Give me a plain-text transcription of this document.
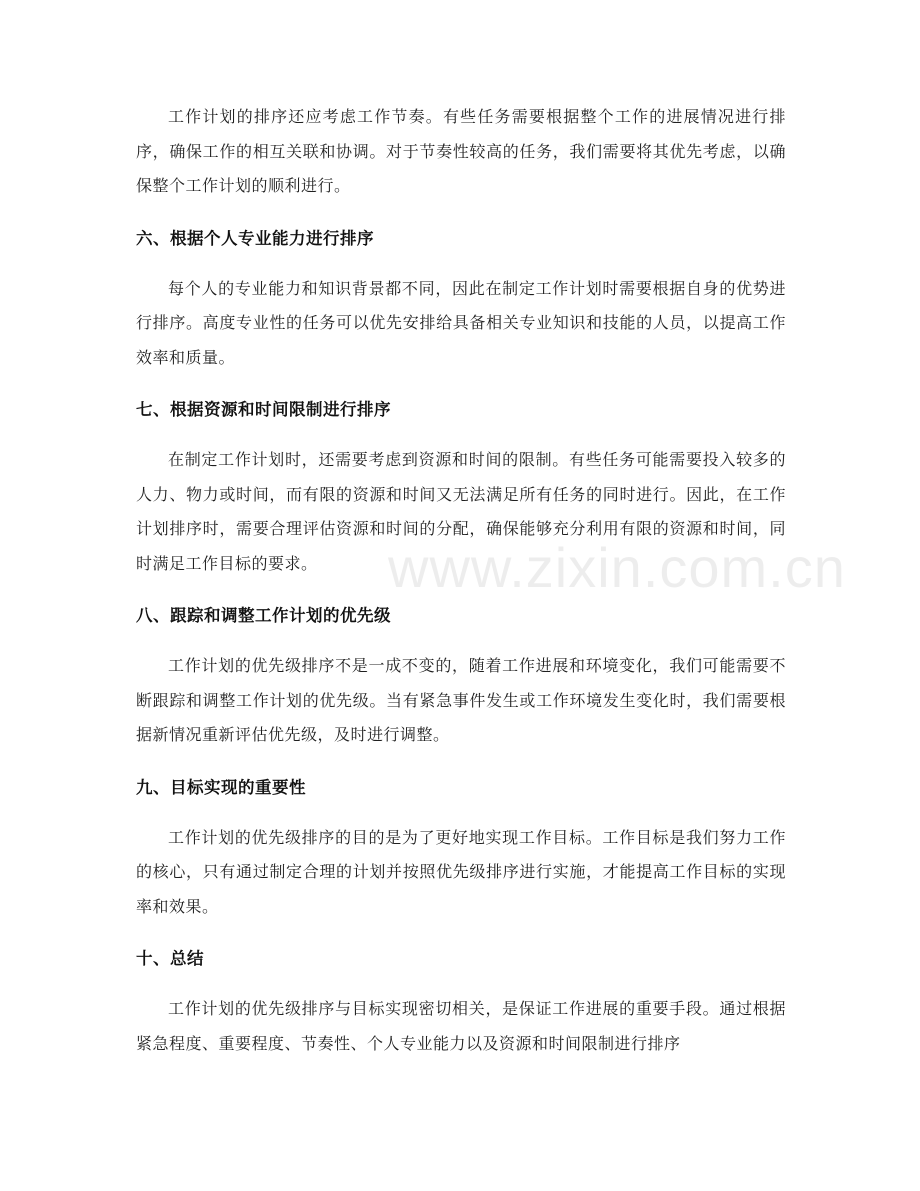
工作计划的排序还应考虑工作节奏。有些任务需要根据整个工作的进展情况进行排序，确保工作的相互关联和协调。对于节奏性较高的任务，我们需要将其优先考虑，以确保整个工作计划的顺利进行。

六、根据个人专业能力进行排序

每个人的专业能力和知识背景都不同，因此在制定工作计划时需要根据自身的优势进行排序。高度专业性的任务可以优先安排给具备相关专业知识和技能的人员，以提高工作效率和质量。

七、根据资源和时间限制进行排序

在制定工作计划时，还需要考虑到资源和时间的限制。有些任务可能需要投入较多的人力、物力或时间，而有限的资源和时间又无法满足所有任务的同时进行。因此，在工作计划排序时，需要合理评估资源和时间的分配，确保能够充分利用有限的资源和时间，同时满足工作目标的要求。

八、跟踪和调整工作计划的优先级

工作计划的优先级排序不是一成不变的，随着工作进展和环境变化，我们可能需要不断跟踪和调整工作计划的优先级。当有紧急事件发生或工作环境发生变化时，我们需要根据新情况重新评估优先级，及时进行调整。

九、目标实现的重要性

工作计划的优先级排序的目的是为了更好地实现工作目标。工作目标是我们努力工作的核心，只有通过制定合理的计划并按照优先级排序进行实施，才能提高工作目标的实现率和效果。

十、总结

工作计划的优先级排序与目标实现密切相关，是保证工作进展的重要手段。通过根据紧急程度、重要程度、节奏性、个人专业能力以及资源和时间限制进行排序

www.zixin.com.cn
